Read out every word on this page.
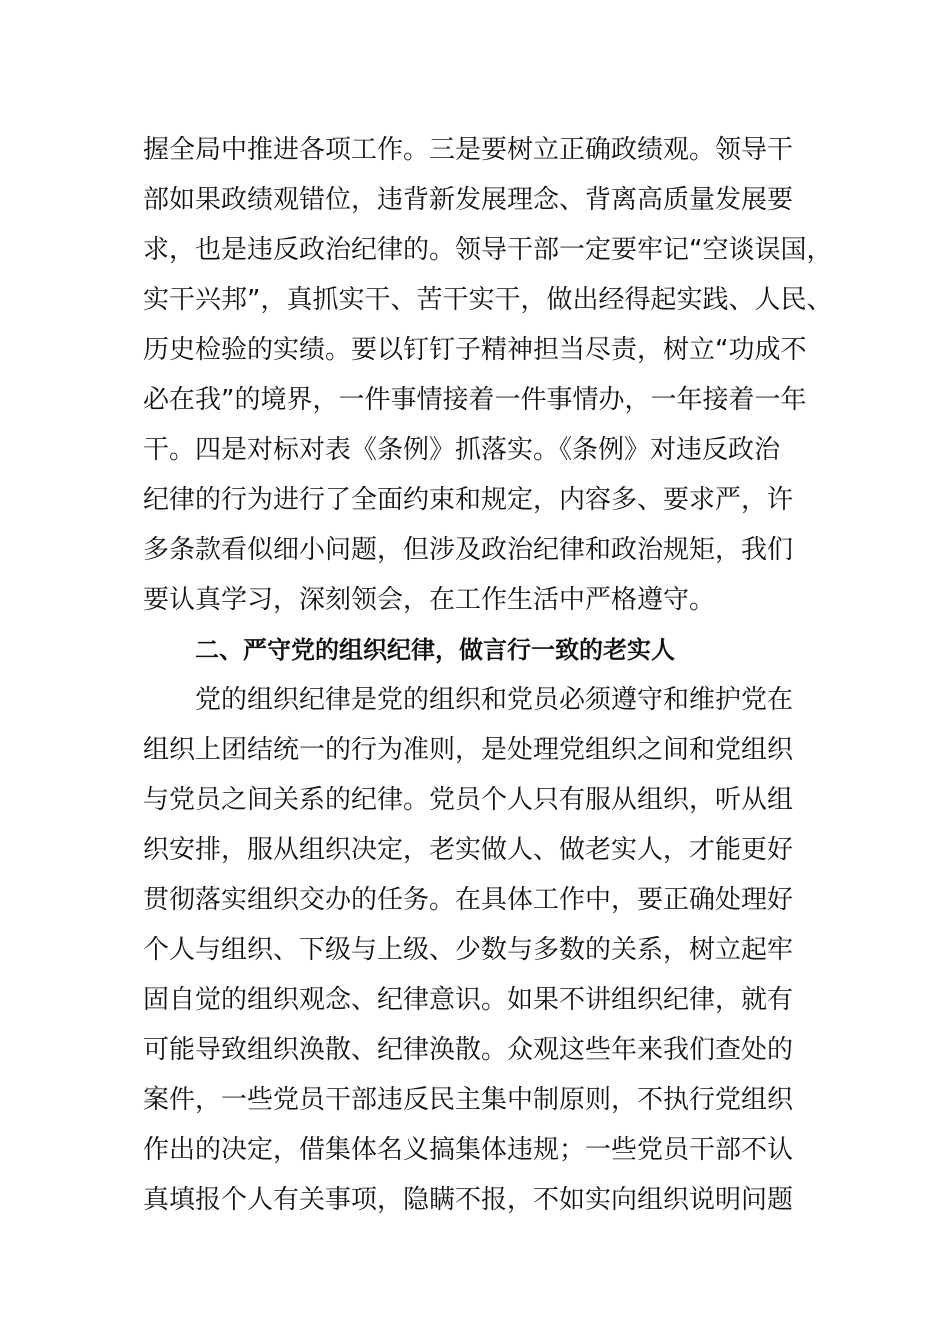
握全局中推进各项工作。三是要树立正确政绩观。领导干
部如果政绩观错位，违背新发展理念、背离高质量发展要
求，也是违反政治纪律的。领导干部一定要牢记“空谈误国，
实干兴邦”，真抓实干、苦干实干，做出经得起实践、人民、
历史检验的实绩。要以钉钉子精神担当尽责，树立“功成不
必在我”的境界，一件事情接着一件事情办，一年接着一年
干。四是对标对表《条例》抓落实。《条例》对违反政治
纪律的行为进行了全面约束和规定，内容多、要求严，许
多条款看似细小问题，但涉及政治纪律和政治规矩，我们
要认真学习，深刻领会，在工作生活中严格遵守。
二、严守党的组织纪律，做言行一致的老实人
党的组织纪律是党的组织和党员必须遵守和维护党在
组织上团结统一的行为准则，是处理党组织之间和党组织
与党员之间关系的纪律。党员个人只有服从组织，听从组
织安排，服从组织决定，老实做人、做老实人，才能更好
贯彻落实组织交办的任务。在具体工作中，要正确处理好
个人与组织、下级与上级、少数与多数的关系，树立起牢
固自觉的组织观念、纪律意识。如果不讲组织纪律，就有
可能导致组织涣散、纪律涣散。众观这些年来我们查处的
案件，一些党员干部违反民主集中制原则，不执行党组织
作出的决定，借集体名义搞集体违规；一些党员干部不认
真填报个人有关事项，隐瞒不报，不如实向组织说明问题
